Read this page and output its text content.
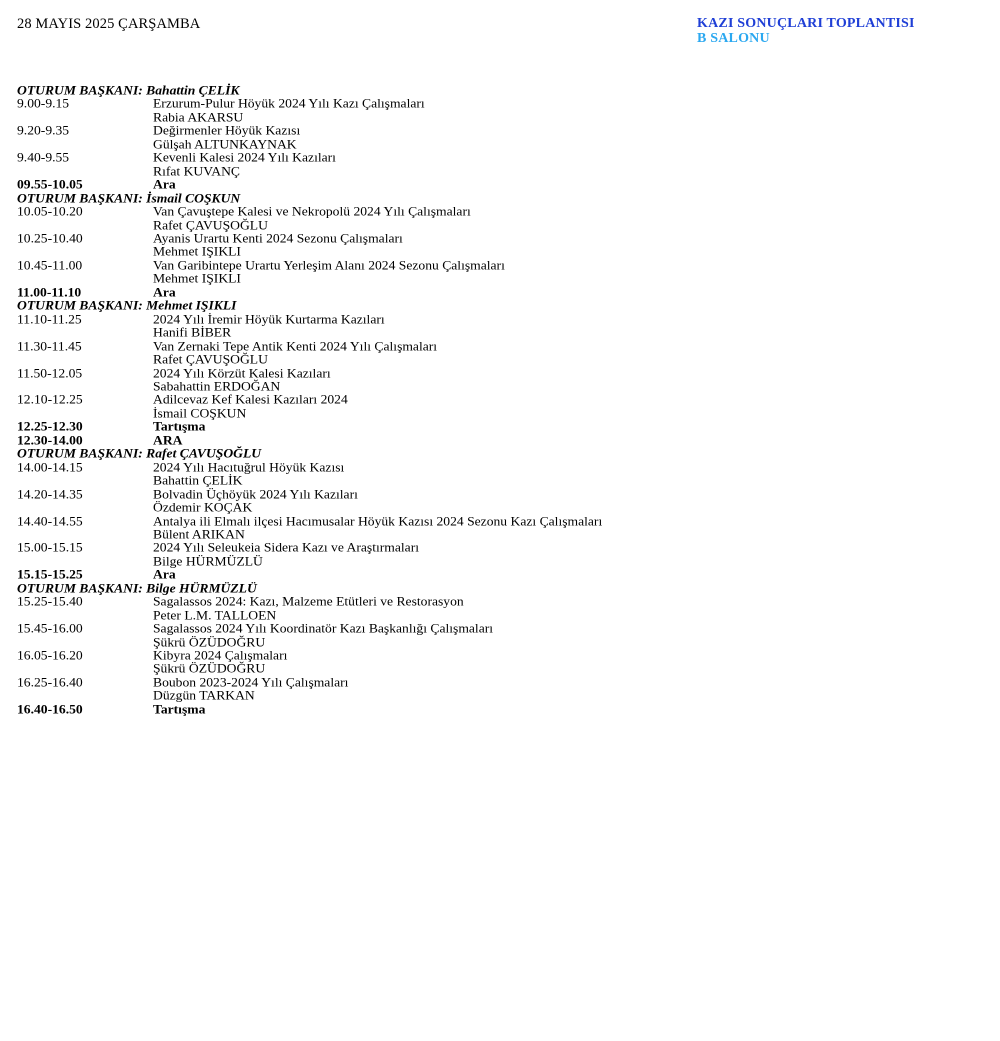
28 MAYIS 2025 ÇARŞAMBA	KAZI SONUÇLARI TOPLANTISI
B SALONU
OTURUM BAŞKANI: Bahattin ÇELİK
9.00-9.15	Erzurum-Pulur Höyük 2024 Yılı Kazı Çalışmaları
Rabia AKARSU
9.20-9.35	Değirmenler Höyük Kazısı
Gülşah ALTUNKAYNAK
9.40-9.55	Kevenli Kalesi 2024 Yılı Kazıları
Rıfat KUVANÇ
09.55-10.05	Ara
OTURUM BAŞKANI: İsmail COŞKUN
10.05-10.20	Van Çavuştepe Kalesi ve Nekropolü 2024 Yılı Çalışmaları
Rafet ÇAVUŞOĞLU
10.25-10.40	Ayanis Urartu Kenti 2024 Sezonu Çalışmaları
Mehmet IŞIKLI
10.45-11.00	Van Garibintepe Urartu Yerleşim Alanı 2024 Sezonu Çalışmaları
Mehmet IŞIKLI
11.00-11.10	Ara
OTURUM BAŞKANI: Mehmet IŞIKLI
11.10-11.25	2024 Yılı İremir Höyük Kurtarma Kazıları
Hanifi BİBER
11.30-11.45	Van Zernaki Tepe Antik Kenti 2024 Yılı Çalışmaları
Rafet ÇAVUŞOĞLU
11.50-12.05	2024 Yılı Körzüt Kalesi Kazıları
Sabahattin ERDOĞAN
12.10-12.25	Adilcevaz Kef Kalesi Kazıları 2024
İsmail COŞKUN
12.25-12.30	Tartışma
12.30-14.00	ARA
OTURUM BAŞKANI: Rafet ÇAVUŞOĞLU
14.00-14.15	2024 Yılı Hacıtuğrul Höyük Kazısı
Bahattin ÇELİK
14.20-14.35	Bolvadin Üçhöyük 2024 Yılı Kazıları
Özdemir KOÇAK
14.40-14.55	Antalya ili Elmalı ilçesi Hacımusalar Höyük Kazısı 2024 Sezonu Kazı Çalışmaları
Bülent ARIKAN
15.00-15.15	2024 Yılı Seleukeia Sidera Kazı ve Araştırmaları
Bilge HÜRMÜZLÜ
15.15-15.25	Ara
OTURUM BAŞKANI: Bilge HÜRMÜZLÜ
15.25-15.40	Sagalassos 2024: Kazı, Malzeme Etütleri ve Restorasyon
Peter L.M. TALLOEN
15.45-16.00	Sagalassos 2024 Yılı Koordinatör Kazı Başkanlığı Çalışmaları
Şükrü ÖZÜDOĞRU
16.05-16.20	Kibyra 2024 Çalışmaları
Şükrü ÖZÜDOĞRU
16.25-16.40	Boubon 2023-2024 Yılı Çalışmaları
Düzgün TARKAN
16.40-16.50	Tartışma
